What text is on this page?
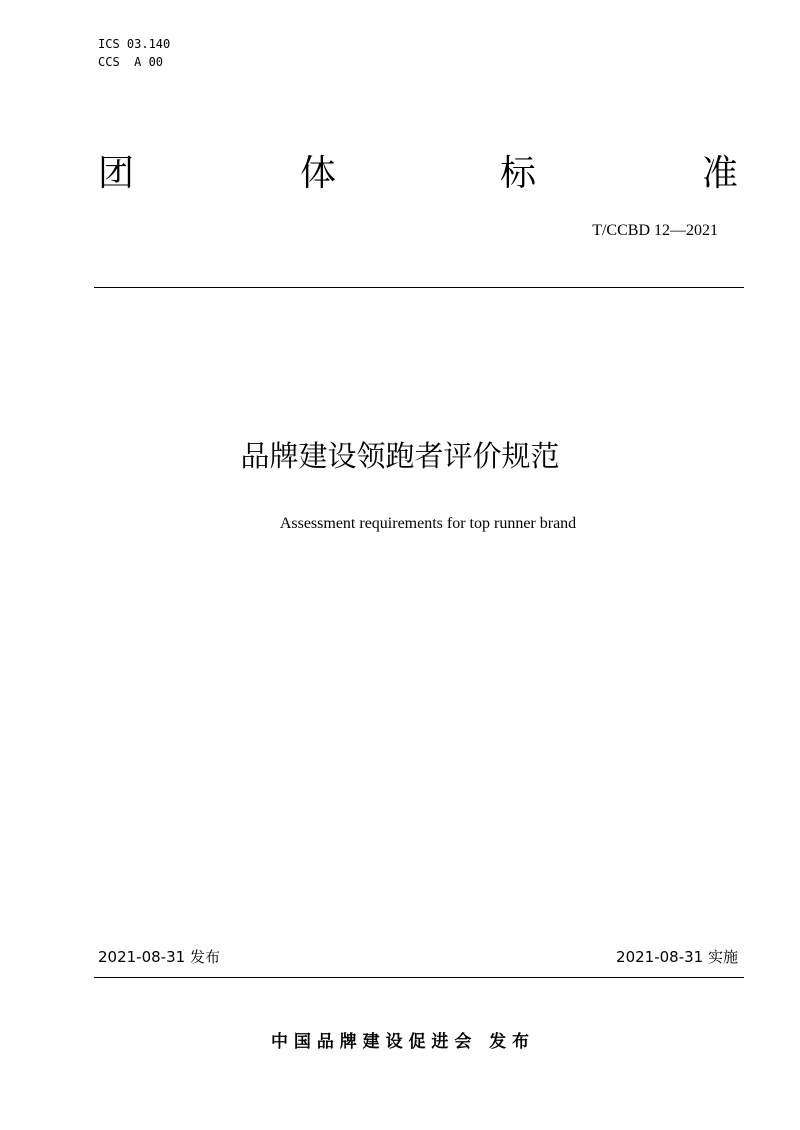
ICS 03.140
CCS  A 00
团	体	标	准
T/CCBD 12—2021
品牌建设领跑者评价规范
Assessment requirements for top runner brand
2021-08-31 发布	2021-08-31 实施
中 国 品 牌 建 设 促 进 会   发 布
